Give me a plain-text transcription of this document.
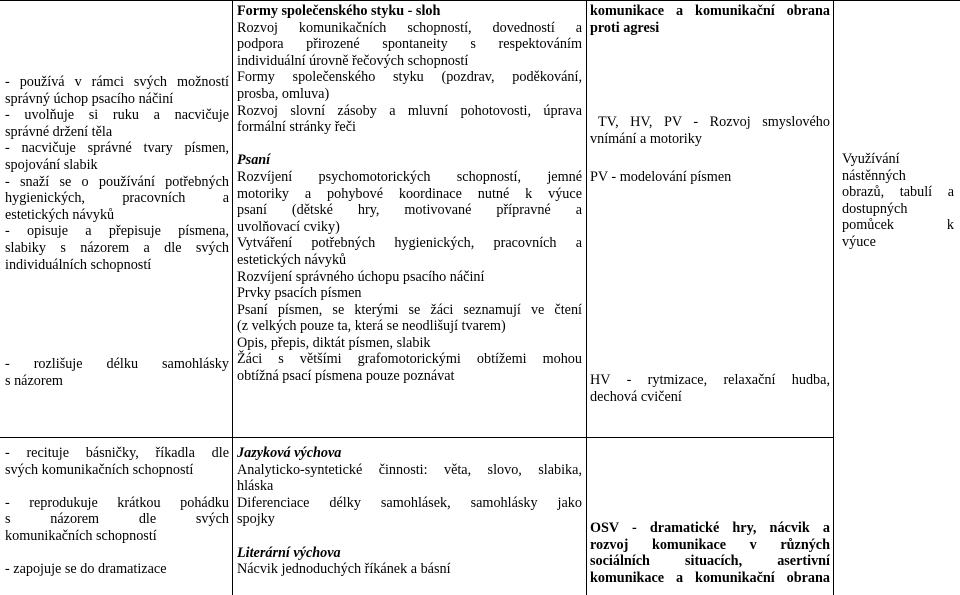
- používá v rámci svých možností

správný úchop psacího náčiní

- uvolňuje si ruku a nacvičuje

správné držení těla

- nacvičuje správné tvary písmen,

spojování slabik

- snaží se o používání potřebných

hygienických, pracovních a

estetických návyků

- opisuje a přepisuje písmena,

slabiky s názorem a dle svých

individuálních schopností

- rozlišuje délku samohlásky

s názorem

- recituje básničky, říkadla dle

svých komunikačních schopností

- reprodukuje krátkou pohádku

s názorem dle svých

komunikačních schopností

- zapojuje se do dramatizace

Formy společenského styku - sloh

Rozvoj komunikačních schopností, dovedností a

podpora přirozené spontaneity s respektováním

individuální úrovně řečových schopností

Formy společenského styku (pozdrav, poděkování,

prosba, omluva)

Rozvoj slovní zásoby a mluvní pohotovosti, úprava

formální stránky řeči

Psaní

Rozvíjení psychomotorických schopností, jemné

motoriky a pohybové koordinace nutné k výuce

psaní (dětské hry, motivované přípravné a

uvolňovací cviky)

Vytváření potřebných hygienických, pracovních a

estetických návyků

Rozvíjení správného úchopu psacího náčiní

Prvky psacích písmen

Psaní písmen, se kterými se žáci seznamují ve čtení

(z velkých pouze ta, která se neodlišují tvarem)

Opis, přepis, diktát písmen, slabik

Žáci s většími grafomotorickými obtížemi mohou

obtížná psací písmena pouze poznávat

Jazyková výchova

Analyticko-syntetické činnosti: věta, slovo, slabika,

hláska

Diferenciace délky samohlásek, samohlásky jako

spojky

Literární výchova

Nácvik jednoduchých říkánek a básní

komunikace a komunikační obrana

proti agresi

TV, HV, PV - Rozvoj smyslového

vnímání a motoriky

PV - modelování písmen

HV - rytmizace, relaxační hudba,

dechová cvičení

OSV - dramatické hry, nácvik a

rozvoj komunikace v různých

sociálních situacích, asertivní

komunikace a komunikační obrana

Využívání

nástěnných

obrazů, tabulí a

dostupných

pomůcek k

výuce
